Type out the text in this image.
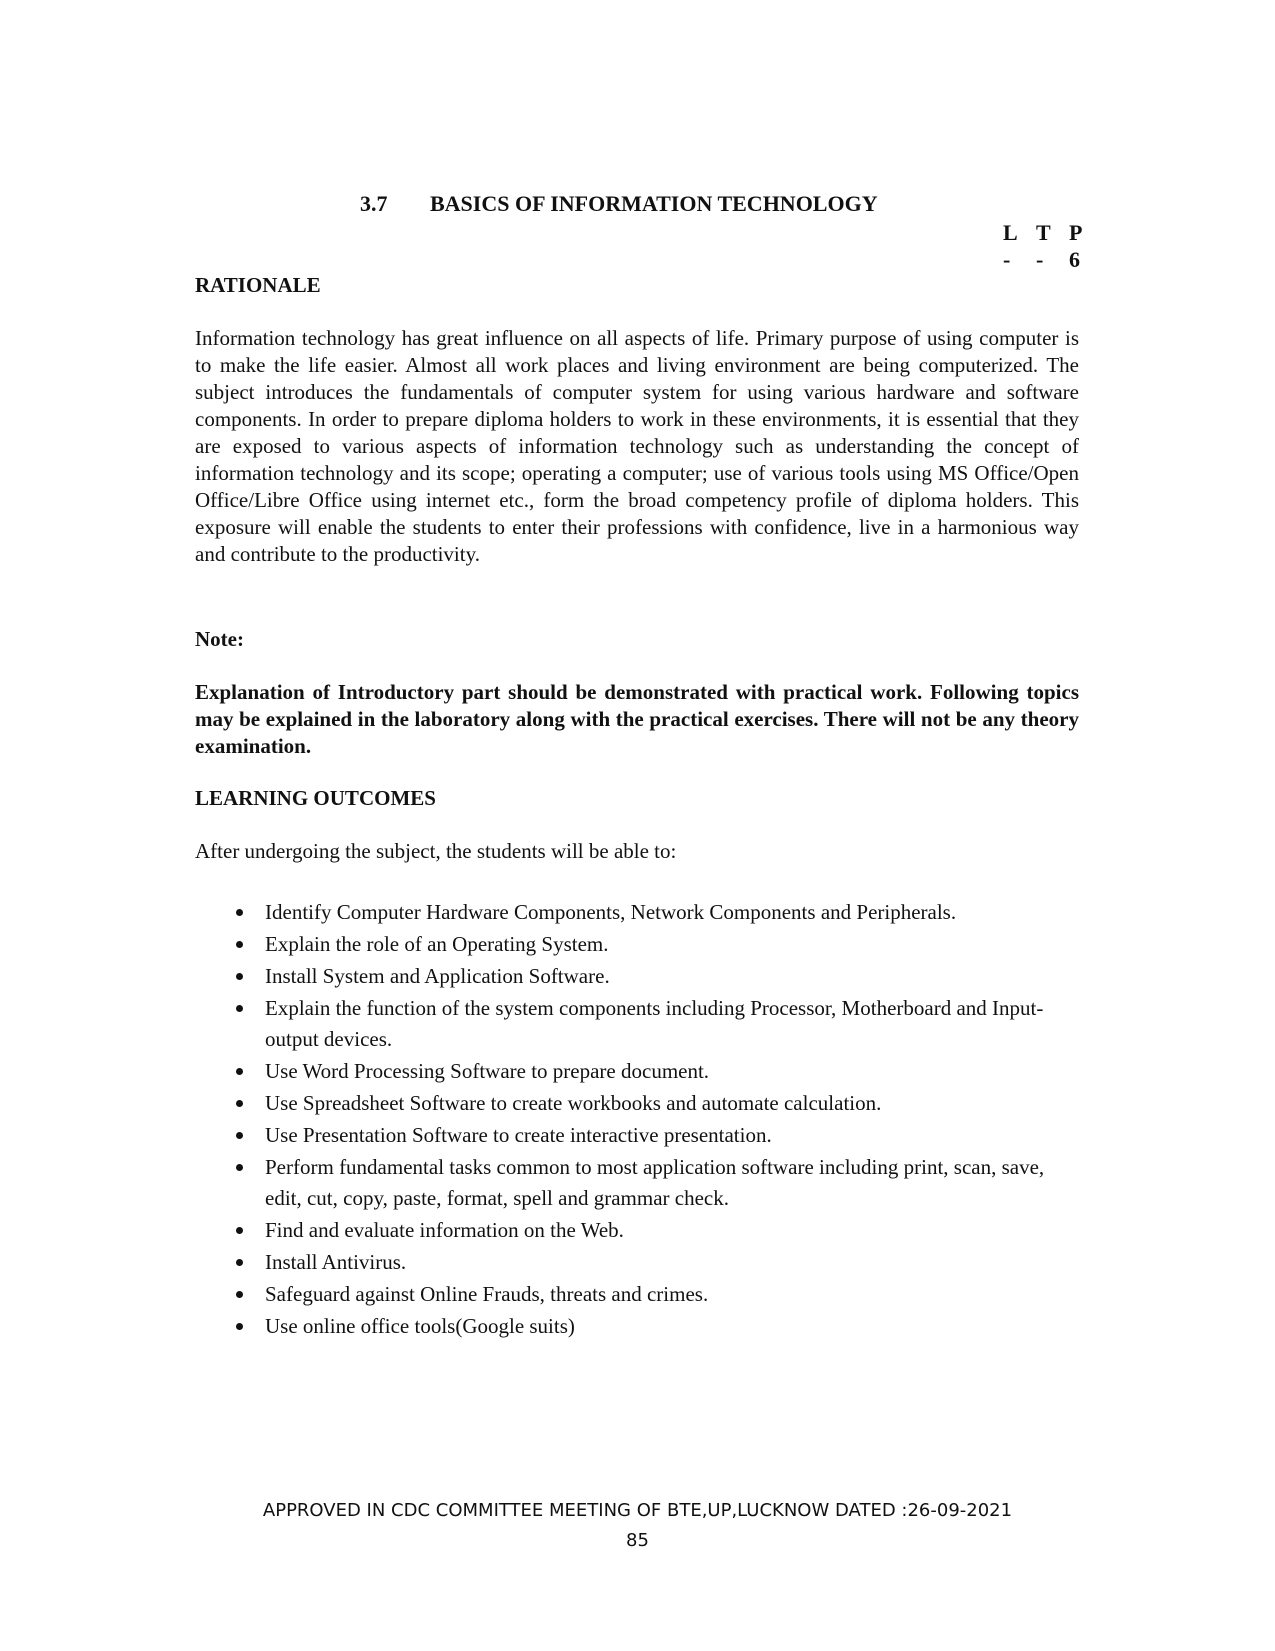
3.7 BASICS OF INFORMATION TECHNOLOGY
L T P
-	-	6
RATIONALE
Information technology has great influence on all aspects of life. Primary purpose of using computer is to make the life easier. Almost all work places and living environment are being computerized. The subject introduces the fundamentals of computer system for using various hardware and software components. In order to prepare diploma holders to work in these environments, it is essential that they are exposed to various aspects of information technology such as understanding the concept of information technology and its scope; operating a computer; use of various tools using MS Office/Open Office/Libre Office using internet etc., form the broad competency profile of diploma holders. This exposure will enable the students to enter their professions with confidence, live in a harmonious way and contribute to the productivity.
Note:
Explanation of Introductory part should be demonstrated with practical work. Following topics may be explained in the laboratory along with the practical exercises. There will not be any theory examination.
LEARNING OUTCOMES
After undergoing the subject, the students will be able to:
Identify Computer Hardware Components, Network Components and Peripherals.
Explain the role of an Operating System.
Install System and Application Software.
Explain the function of the system components including Processor, Motherboard and Input-output devices.
Use Word Processing Software to prepare document.
Use Spreadsheet Software to create workbooks and automate calculation.
Use Presentation Software to create interactive presentation.
Perform fundamental tasks common to most application software including print, scan, save, edit, cut, copy, paste, format, spell and grammar check.
Find and evaluate information on the Web.
Install Antivirus.
Safeguard against Online Frauds, threats and crimes.
Use online office tools(Google suits)
APPROVED IN CDC COMMITTEE MEETING OF BTE,UP,LUCKNOW DATED :26-09-2021
85
